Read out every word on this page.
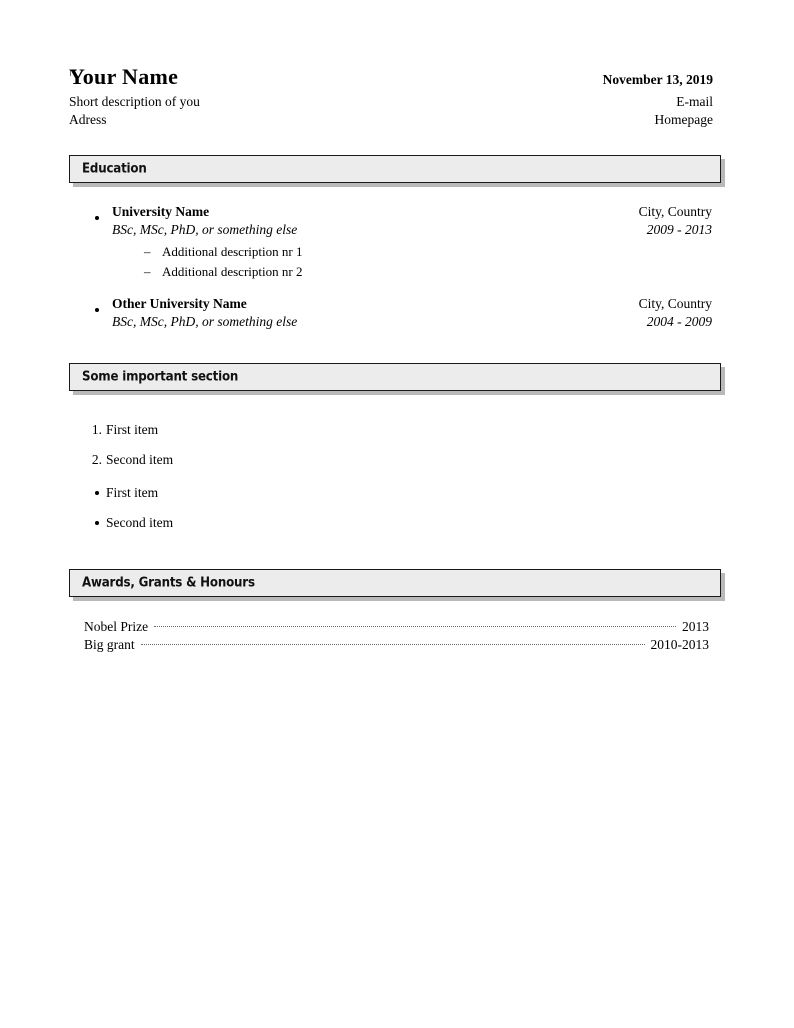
Your Name	November 13, 2019
Short description of you	E-mail
Adress	Homepage
Education
University Name	City, Country
BSc, MSc, PhD, or something else	2009 - 2013
– Additional description nr 1
– Additional description nr 2
Other University Name	City, Country
BSc, MSc, PhD, or something else	2004 - 2009
Some important section
1. First item
2. Second item
First item
Second item
Awards, Grants & Honours
Nobel Prize	2013
Big grant	2010-2013
